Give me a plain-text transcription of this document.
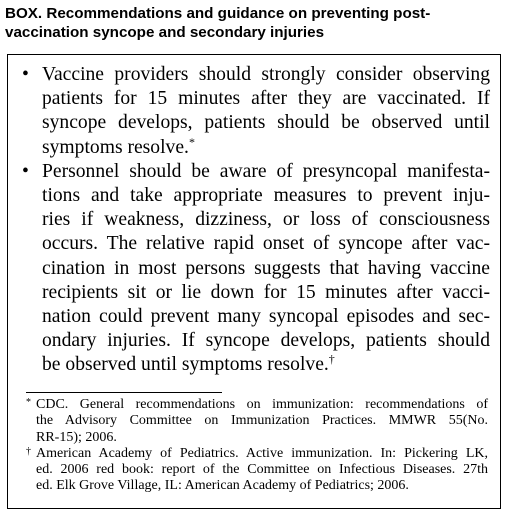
BOX. Recommendations and guidance on preventing post-
vaccination syncope and secondary injuries
• Vaccine providers should strongly consider observing
patients for 15 minutes after they are vaccinated. If
syncope develops, patients should be observed until
symptoms resolve.*
• Personnel should be aware of presyncopal manifesta-
tions and take appropriate measures to prevent inju-
ries if weakness, dizziness, or loss of consciousness
occurs. The relative rapid onset of syncope after vac-
cination in most persons suggests that having vaccine
recipients sit or lie down for 15 minutes after vacci-
nation could prevent many syncopal episodes and sec-
ondary injuries. If syncope develops, patients should
be observed until symptoms resolve.†
* CDC. General recommendations on immunization: recommendations of
the Advisory Committee on Immunization Practices. MMWR 55(No.
RR-15); 2006.
† American Academy of Pediatrics. Active immunization. In: Pickering LK,
ed. 2006 red book: report of the Committee on Infectious Diseases. 27th
ed. Elk Grove Village, IL: American Academy of Pediatrics; 2006.
